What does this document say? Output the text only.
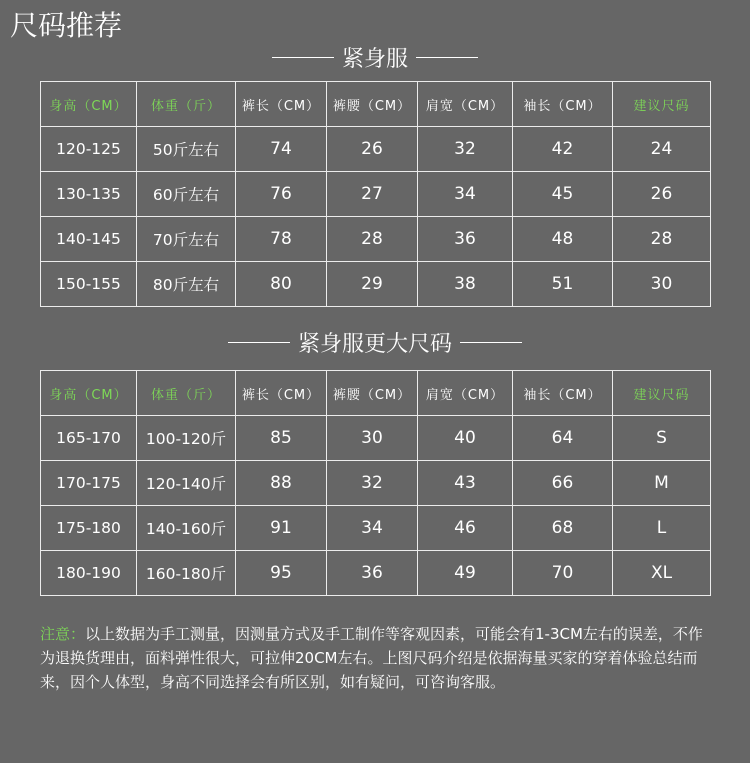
尺码推荐
紧身服
身高（CM）	体重（斤）	裤长（CM）	裤腰（CM）	肩宽（CM）	袖长（CM）	建议尺码
120-125	50斤左右	74	26	32	42	24
130-135	60斤左右	76	27	34	45	26
140-145	70斤左右	78	28	36	48	28
150-155	80斤左右	80	29	38	51	30
紧身服更大尺码
身高（CM）	体重（斤）	裤长（CM）	裤腰（CM）	肩宽（CM）	袖长（CM）	建议尺码
165-170	100-120斤	85	30	40	64	S
170-175	120-140斤	88	32	43	66	M
175-180	140-160斤	91	34	46	68	L
180-190	160-180斤	95	36	49	70	XL
注意：以上数据为手工测量，因测量方式及手工制作等客观因素，可能会有1-3CM左右的误差，不作为退换货理由，面料弹性很大，可拉伸20CM左右。上图尺码介绍是依据海量买家的穿着体验总结而来，因个人体型，身高不同选择会有所区别，如有疑问，可咨询客服。
